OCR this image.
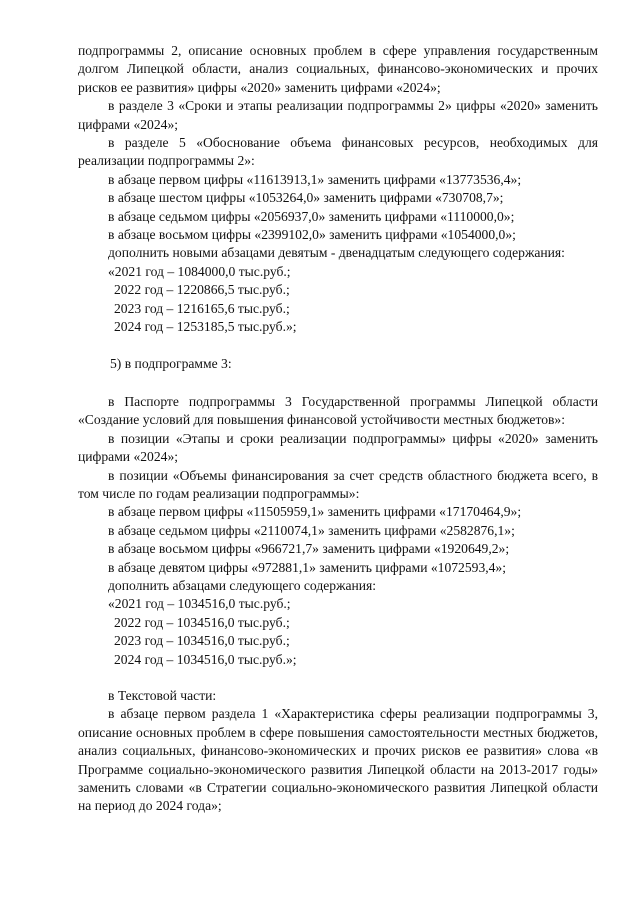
подпрограммы 2, описание основных проблем в сфере управления государственным долгом Липецкой области, анализ социальных, финансово-экономических и прочих рисков ее развития» цифры «2020» заменить цифрами «2024»;

в разделе 3 «Сроки и этапы реализации подпрограммы 2» цифры «2020» заменить цифрами «2024»;

в разделе 5 «Обоснование объема финансовых ресурсов, необходимых для реализации подпрограммы 2»:

в абзаце первом цифры «11613913,1» заменить цифрами «13773536,4»;

в абзаце шестом цифры «1053264,0» заменить цифрами «730708,7»;

в абзаце седьмом цифры «2056937,0» заменить цифрами «1110000,0»;

в абзаце восьмом цифры «2399102,0» заменить цифрами «1054000,0»;

дополнить новыми абзацами девятым - двенадцатым следующего содержания:

«2021 год – 1084000,0 тыс.руб.;

2022 год – 1220866,5 тыс.руб.;

2023 год – 1216165,6 тыс.руб.;

2024 год – 1253185,5 тыс.руб.»;

5) в подпрограмме 3:

в Паспорте подпрограммы 3 Государственной программы Липецкой области «Создание условий для повышения финансовой устойчивости местных бюджетов»:

в позиции «Этапы и сроки реализации подпрограммы» цифры «2020» заменить цифрами «2024»;

в позиции «Объемы финансирования за счет средств областного бюджета всего, в том числе по годам реализации подпрограммы»:

в абзаце первом цифры «11505959,1» заменить цифрами «17170464,9»;

в абзаце седьмом цифры «2110074,1» заменить цифрами «2582876,1»;

в абзаце восьмом цифры «966721,7» заменить цифрами «1920649,2»;

в абзаце девятом цифры «972881,1» заменить цифрами «1072593,4»;

дополнить абзацами следующего содержания:

«2021 год – 1034516,0 тыс.руб.;

2022 год – 1034516,0 тыс.руб.;

2023 год – 1034516,0 тыс.руб.;

2024 год – 1034516,0 тыс.руб.»;

в Текстовой части:

в абзаце первом раздела 1 «Характеристика сферы реализации подпрограммы 3, описание основных проблем в сфере повышения самостоятельности местных бюджетов, анализ социальных, финансово-экономических и прочих рисков ее развития» слова «в Программе социально-экономического развития Липецкой области на 2013-2017 годы» заменить словами «в Стратегии социально-экономического развития Липецкой области на период до 2024 года»;
